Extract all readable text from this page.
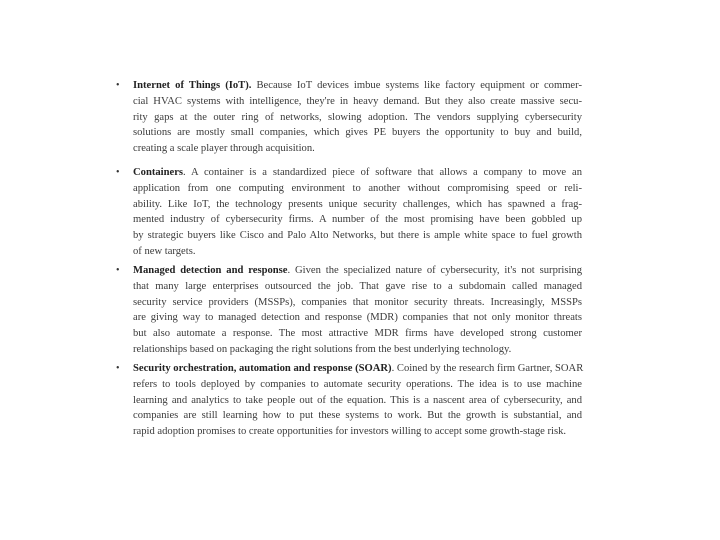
• Internet of Things (IoT). Because IoT devices imbue systems like factory equipment or commer-
cial HVAC systems with intelligence, they're in heavy demand. But they also create massive secu-
rity gaps at the outer ring of networks, slowing adoption. The vendors supplying cybersecurity
solutions are mostly small companies, which gives PE buyers the opportunity to buy and build,
creating a scale player through acquisition.
• Containers. A container is a standardized piece of software that allows a company to move an
application from one computing environment to another without compromising speed or reli-
ability. Like IoT, the technology presents unique security challenges, which has spawned a frag-
mented industry of cybersecurity firms. A number of the most promising have been gobbled up
by strategic buyers like Cisco and Palo Alto Networks, but there is ample white space to fuel growth
of new targets.
• Managed detection and response. Given the specialized nature of cybersecurity, it's not surprising
that many large enterprises outsourced the job. That gave rise to a subdomain called managed
security service providers (MSSPs), companies that monitor security threats. Increasingly, MSSPs
are giving way to managed detection and response (MDR) companies that not only monitor threats
but also automate a response. The most attractive MDR firms have developed strong customer
relationships based on packaging the right solutions from the best underlying technology.
• Security orchestration, automation and response (SOAR). Coined by the research firm Gartner, SOAR
refers to tools deployed by companies to automate security operations. The idea is to use machine
learning and analytics to take people out of the equation. This is a nascent area of cybersecurity, and
companies are still learning how to put these systems to work. But the growth is substantial, and
rapid adoption promises to create opportunities for investors willing to accept some growth-stage risk.
